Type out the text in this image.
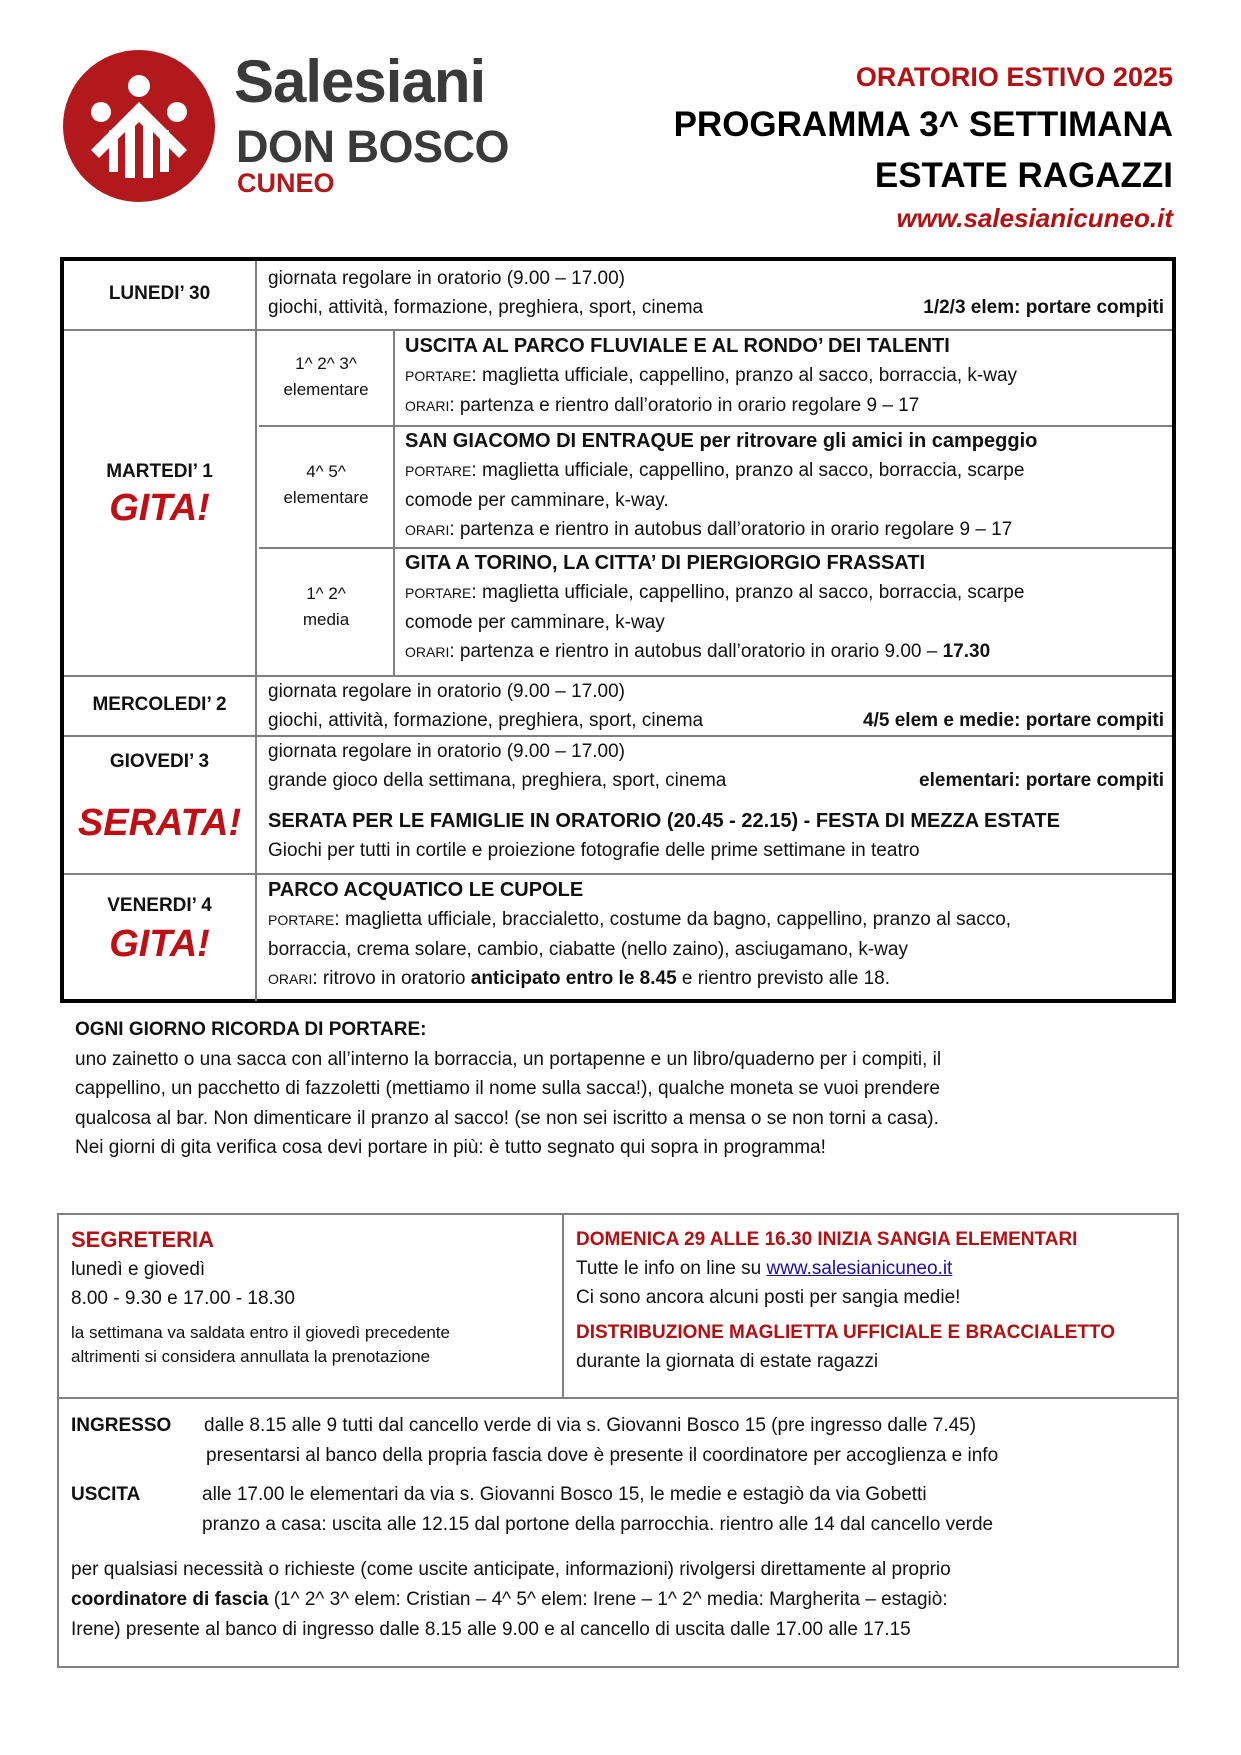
Salesiani
DON BOSCO
CUNEO
ORATORIO ESTIVO 2025
PROGRAMMA 3^ SETTIMANA
ESTATE RAGAZZI
www.salesianicuneo.it
LUNEDI’ 30
giornata regolare in oratorio (9.00 – 17.00)
giochi, attività, formazione, preghiera, sport, cinema	1/2/3 elem: portare compiti
MARTEDI’ 1
GITA!
1^ 2^ 3^
elementare
USCITA AL PARCO FLUVIALE E AL RONDO’ DEI TALENTI
PORTARE: maglietta ufficiale, cappellino, pranzo al sacco, borraccia, k-way
ORARI: partenza e rientro dall’oratorio in orario regolare 9 – 17
4^ 5^
elementare
SAN GIACOMO DI ENTRAQUE per ritrovare gli amici in campeggio
PORTARE: maglietta ufficiale, cappellino, pranzo al sacco, borraccia, scarpe
comode per camminare, k-way.
ORARI: partenza e rientro in autobus dall’oratorio in orario regolare 9 – 17
1^ 2^
media
GITA A TORINO, LA CITTA’ DI PIERGIORGIO FRASSATI
PORTARE: maglietta ufficiale, cappellino, pranzo al sacco, borraccia, scarpe
comode per camminare, k-way
ORARI: partenza e rientro in autobus dall’oratorio in orario 9.00 – 17.30
MERCOLEDI’ 2
giornata regolare in oratorio (9.00 – 17.00)
giochi, attività, formazione, preghiera, sport, cinema	4/5 elem e medie: portare compiti
GIOVEDI’ 3
SERATA!
giornata regolare in oratorio (9.00 – 17.00)
grande gioco della settimana, preghiera, sport, cinema	elementari: portare compiti
SERATA PER LE FAMIGLIE IN ORATORIO (20.45 - 22.15) - FESTA DI MEZZA ESTATE
Giochi per tutti in cortile e proiezione fotografie delle prime settimane in teatro
VENERDI’ 4
GITA!
PARCO ACQUATICO LE CUPOLE
PORTARE: maglietta ufficiale, braccialetto, costume da bagno, cappellino, pranzo al sacco,
borraccia, crema solare, cambio, ciabatte (nello zaino), asciugamano, k-way
ORARI: ritrovo in oratorio anticipato entro le 8.45 e rientro previsto alle 18.
OGNI GIORNO RICORDA DI PORTARE:
uno zainetto o una sacca con all’interno la borraccia, un portapenne e un libro/quaderno per i compiti, il
cappellino, un pacchetto di fazzoletti (mettiamo il nome sulla sacca!), qualche moneta se vuoi prendere
qualcosa al bar. Non dimenticare il pranzo al sacco! (se non sei iscritto a mensa o se non torni a casa).
Nei giorni di gita verifica cosa devi portare in più: è tutto segnato qui sopra in programma!
SEGRETERIA
lunedì e giovedì
8.00 - 9.30 e 17.00 - 18.30
la settimana va saldata entro il giovedì precedente
altrimenti si considera annullata la prenotazione
DOMENICA 29 ALLE 16.30 INIZIA SANGIA ELEMENTARI
Tutte le info on line su www.salesianicuneo.it
Ci sono ancora alcuni posti per sangia medie!
DISTRIBUZIONE MAGLIETTA UFFICIALE E BRACCIALETTO
durante la giornata di estate ragazzi
INGRESSO dalle 8.15 alle 9 tutti dal cancello verde di via s. Giovanni Bosco 15 (pre ingresso dalle 7.45)
presentarsi al banco della propria fascia dove è presente il coordinatore per accoglienza e info
USCITA	alle 17.00 le elementari da via s. Giovanni Bosco 15, le medie e estagiò da via Gobetti
pranzo a casa: uscita alle 12.15 dal portone della parrocchia. rientro alle 14 dal cancello verde
per qualsiasi necessità o richieste (come uscite anticipate, informazioni) rivolgersi direttamente al proprio
coordinatore di fascia (1^ 2^ 3^ elem: Cristian – 4^ 5^ elem: Irene – 1^ 2^ media: Margherita – estagiò:
Irene) presente al banco di ingresso dalle 8.15 alle 9.00 e al cancello di uscita dalle 17.00 alle 17.15
